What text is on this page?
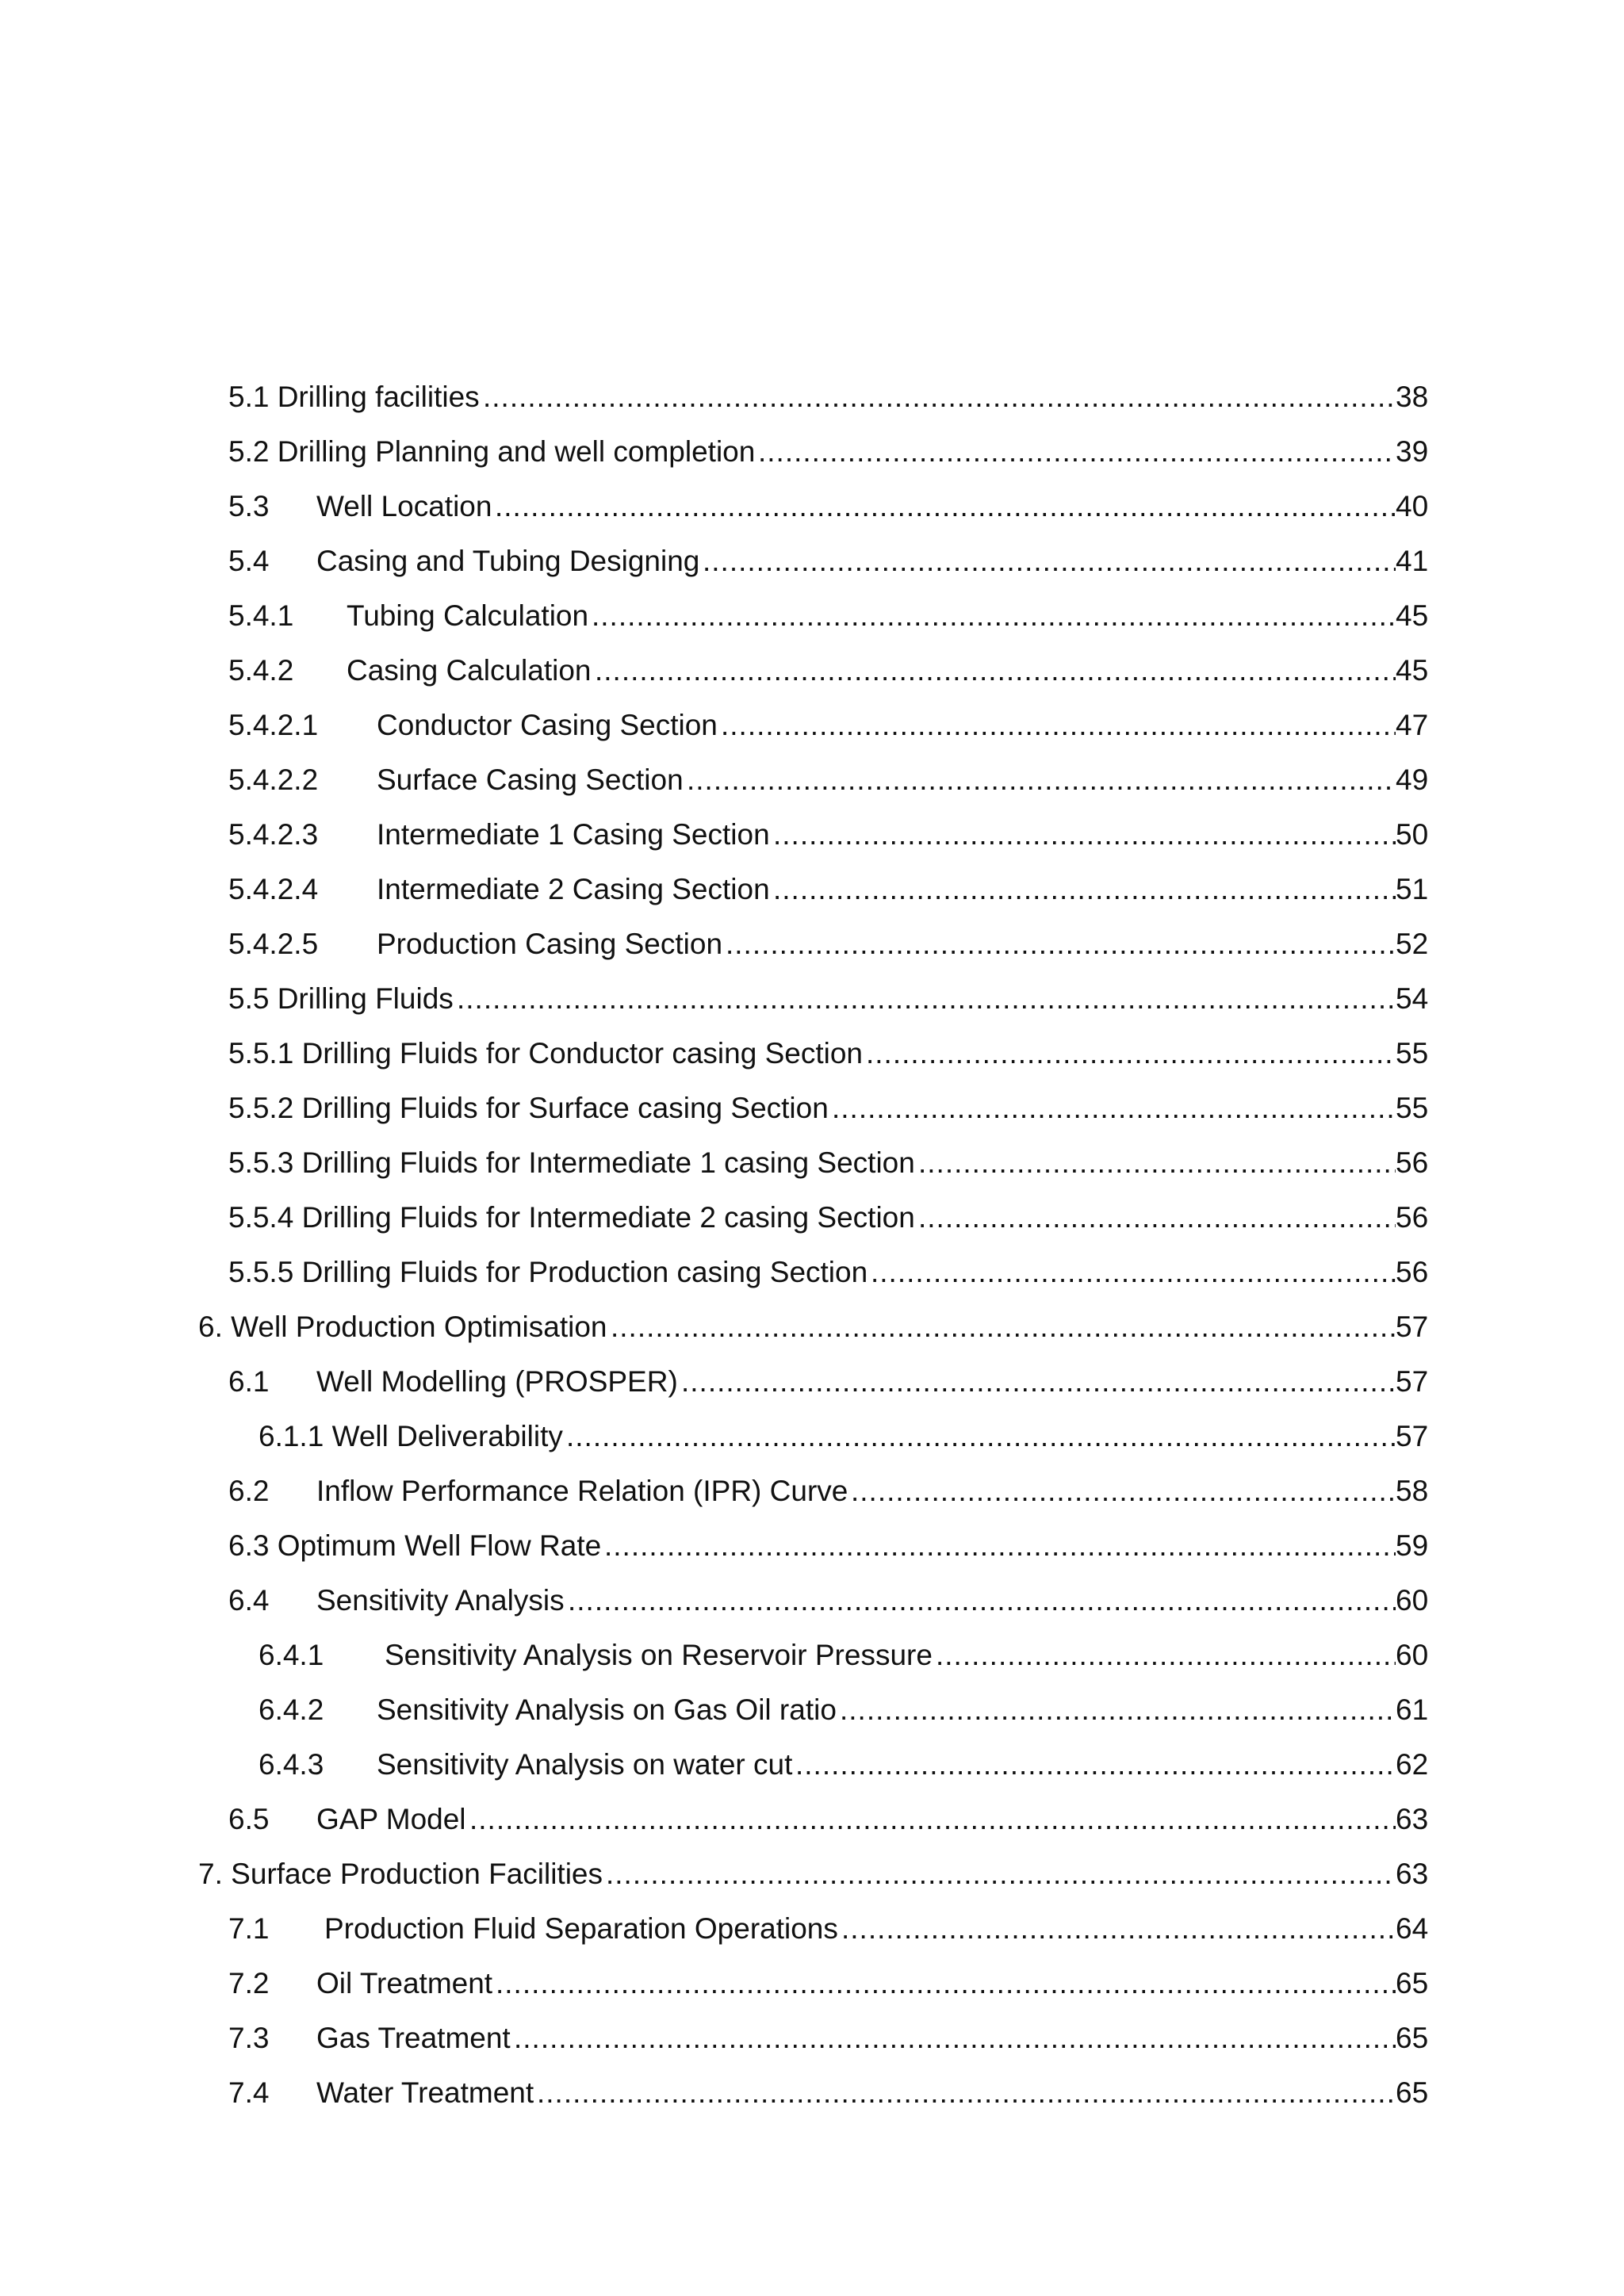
5.1 Drilling facilities .....	38
5.2 Drilling Planning and well completion .....	39
5.3 Well Location .....	40
5.4 Casing and Tubing Designing .....	41
5.4.1 Tubing Calculation .....	45
5.4.2 Casing Calculation .....	45
5.4.2.1 Conductor Casing Section .....	47
5.4.2.2 Surface Casing Section .....	49
5.4.2.3 Intermediate 1 Casing Section .....	50
5.4.2.4 Intermediate 2 Casing Section .....	51
5.4.2.5 Production Casing Section .....	52
5.5 Drilling Fluids .....	54
5.5.1 Drilling Fluids for Conductor casing Section .....	55
5.5.2 Drilling Fluids for Surface casing Section .....	55
5.5.3 Drilling Fluids for Intermediate 1 casing Section .....	56
5.5.4 Drilling Fluids for Intermediate 2 casing Section .....	56
5.5.5 Drilling Fluids for Production casing Section .....	56
6. Well Production Optimisation .....	57
6.1 Well Modelling (PROSPER) .....	57
6.1.1 Well Deliverability .....	57
6.2 Inflow Performance Relation (IPR) Curve .....	58
6.3 Optimum Well Flow Rate .....	59
6.4 Sensitivity Analysis .....	60
6.4.1 Sensitivity Analysis on Reservoir Pressure .....	60
6.4.2 Sensitivity Analysis on Gas Oil ratio .....	61
6.4.3 Sensitivity Analysis on water cut .....	62
6.5 GAP Model .....	63
7. Surface Production Facilities .....	63
7.1 Production Fluid Separation Operations .....	64
7.2 Oil Treatment .....	65
7.3 Gas Treatment .....	65
7.4 Water Treatment .....	65
